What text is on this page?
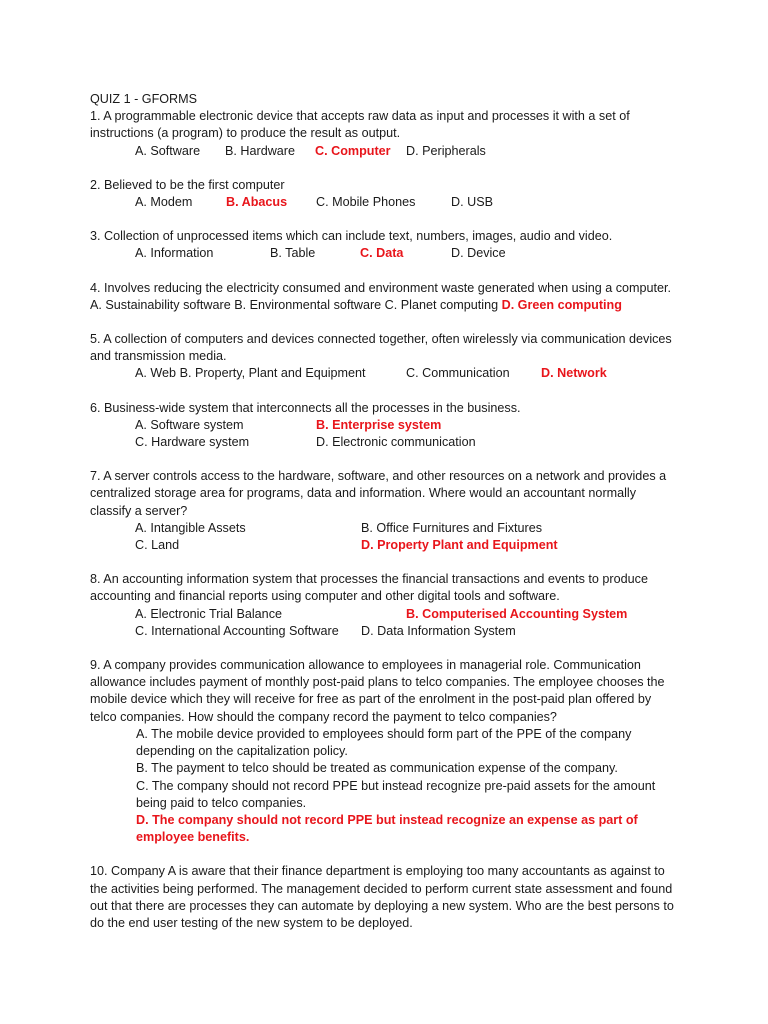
QUIZ 1 - GFORMS
1. A programmable electronic device that accepts raw data as input and processes it with a set of
instructions (a program) to produce the result as output.
A. Software B. Hardware C. Computer D. Peripherals
2. Believed to be the first computer
A. Modem	B. Abacus C. Mobile Phones	D. USB
3. Collection of unprocessed items which can include text, numbers, images, audio and video.
A. Information	B. Table	C. Data	D. Device
4. Involves reducing the electricity consumed and environment waste generated when using a computer.
A. Sustainability software B. Environmental software C. Planet computing D. Green computing
5. A collection of computers and devices connected together, often wirelessly via communication devices
and transmission media.
A. Web B. Property, Plant and Equipment	C. Communication D. Network
6. Business-wide system that interconnects all the processes in the business.
A. Software system	B. Enterprise system
C. Hardware system	D. Electronic communication
7. A server controls access to the hardware, software, and other resources on a network and provides a
centralized storage area for programs, data and information. Where would an accountant normally
classify a server?
A. Intangible Assets	B. Office Furnitures and Fixtures
C. Land	D. Property Plant and Equipment
8. An accounting information system that processes the financial transactions and events to produce
accounting and financial reports using computer and other digital tools and software.
A. Electronic Trial Balance	B. Computerised Accounting System
C. International Accounting Software D. Data Information System
9. A company provides communication allowance to employees in managerial role. Communication
allowance includes payment of monthly post-paid plans to telco companies. The employee chooses the
mobile device which they will receive for free as part of the enrolment in the post-paid plan offered by
telco companies. How should the company record the payment to telco companies?
A. The mobile device provided to employees should form part of the PPE of the company
depending on the capitalization policy.
B. The payment to telco should be treated as communication expense of the company.
C. The company should not record PPE but instead recognize pre-paid assets for the amount
being paid to telco companies.
D. The company should not record PPE but instead recognize an expense as part of
employee benefits.
10. Company A is aware that their finance department is employing too many accountants as against to
the activities being performed. The management decided to perform current state assessment and found
out that there are processes they can automate by deploying a new system. Who are the best persons to
do the end user testing of the new system to be deployed.
